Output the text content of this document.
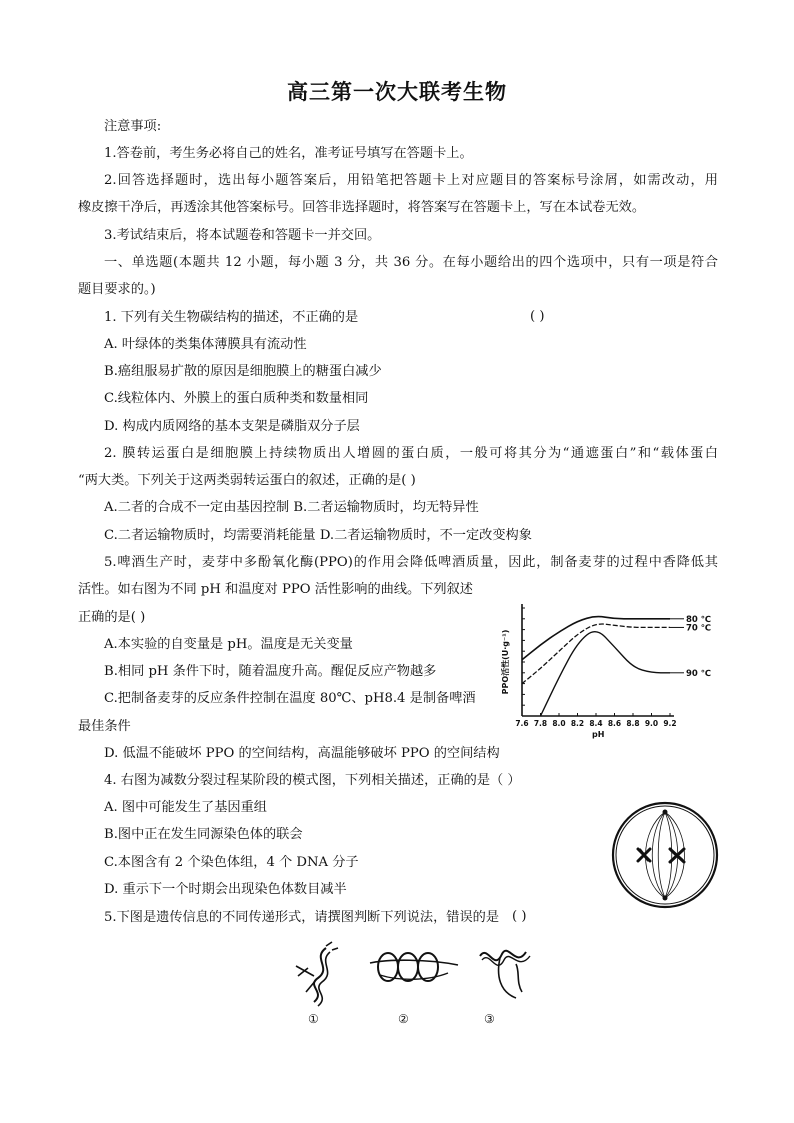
高三第一次大联考生物
注意事项:
1.答卷前，考生务必将自己的姓名，准考证号填写在答题卡上。
2.回答选择题时，选出每小题答案后，用铅笔把答题卡上对应题目的答案标号涂屑，如需改动，用
橡皮擦干净后，再透涂其他答案标号。回答非选择题时，将答案写在答题卡上，写在本试卷无效。
3.考试结束后，将本试题卷和答题卡一并交回。
一、单选题(本题共 12 小题，每小题 3 分，共 36 分。在每小题给出的四个选项中，只有一项是符合
题目要求的。)
1. 下列有关生物碳结构的描述，不正确的是	( )
A. 叶绿体的类集体薄膜具有流动性
B.癌组服易扩散的原因是细胞膜上的糖蛋白减少
C.线粒体内、外膜上的蛋白质种类和数量相同
D. 构成内质网络的基本支架是磷脂双分子层
2. 膜转运蛋白是细胞膜上持续物质出人增圆的蛋白质，一般可将其分为“通遮蛋白”和“载体蛋白
“两大类。下列关于这两类弱转运蛋白的叙述，正确的是( )
A.二者的合成不一定由基因控制 B.二者运输物质时，均无特异性
C.二者运输物质时，均需要消耗能量 D.二者运输物质时，不一定改变构象
5.啤酒生产时，麦芽中多酚氧化酶(PPO)的作用会降低啤酒质量，因此，制备麦芽的过程中香降低其
活性。如右图为不同 pH 和温度对 PPO 活性影响的曲线。下列叙述
正确的是( )
A.本实验的自变量是 pH。温度是无关变量
B.相同 pH 条件下时，随着温度升高。醒促反应产物越多
C.把制备麦芽的反应条件控制在温度 80℃、pH8.4 是制备啤酒
最佳条件
D. 低温不能破坏 PPO 的空间结构，高温能够破坏 PPO 的空间结构
7.6 7.8 8.0 8.2 8.4 8.6 8.8 9.0 9.2
pH
PPO活性(U·g⁻¹)
80 ℃
70 ℃
90 ℃
4. 右图为减数分裂过程某阶段的模式图，下列相关描述，正确的是（ ）
A. 图中可能发生了基因重组
B.图中正在发生同源染色体的联会
C.本图含有 2 个染色体组，4 个 DNA 分子
D. 重示下一个时期会出现染色体数目减半
5.下图是遗传信息的不同传递形式，请撰图判断下列说法，错误的是 ( )
①	②	③
